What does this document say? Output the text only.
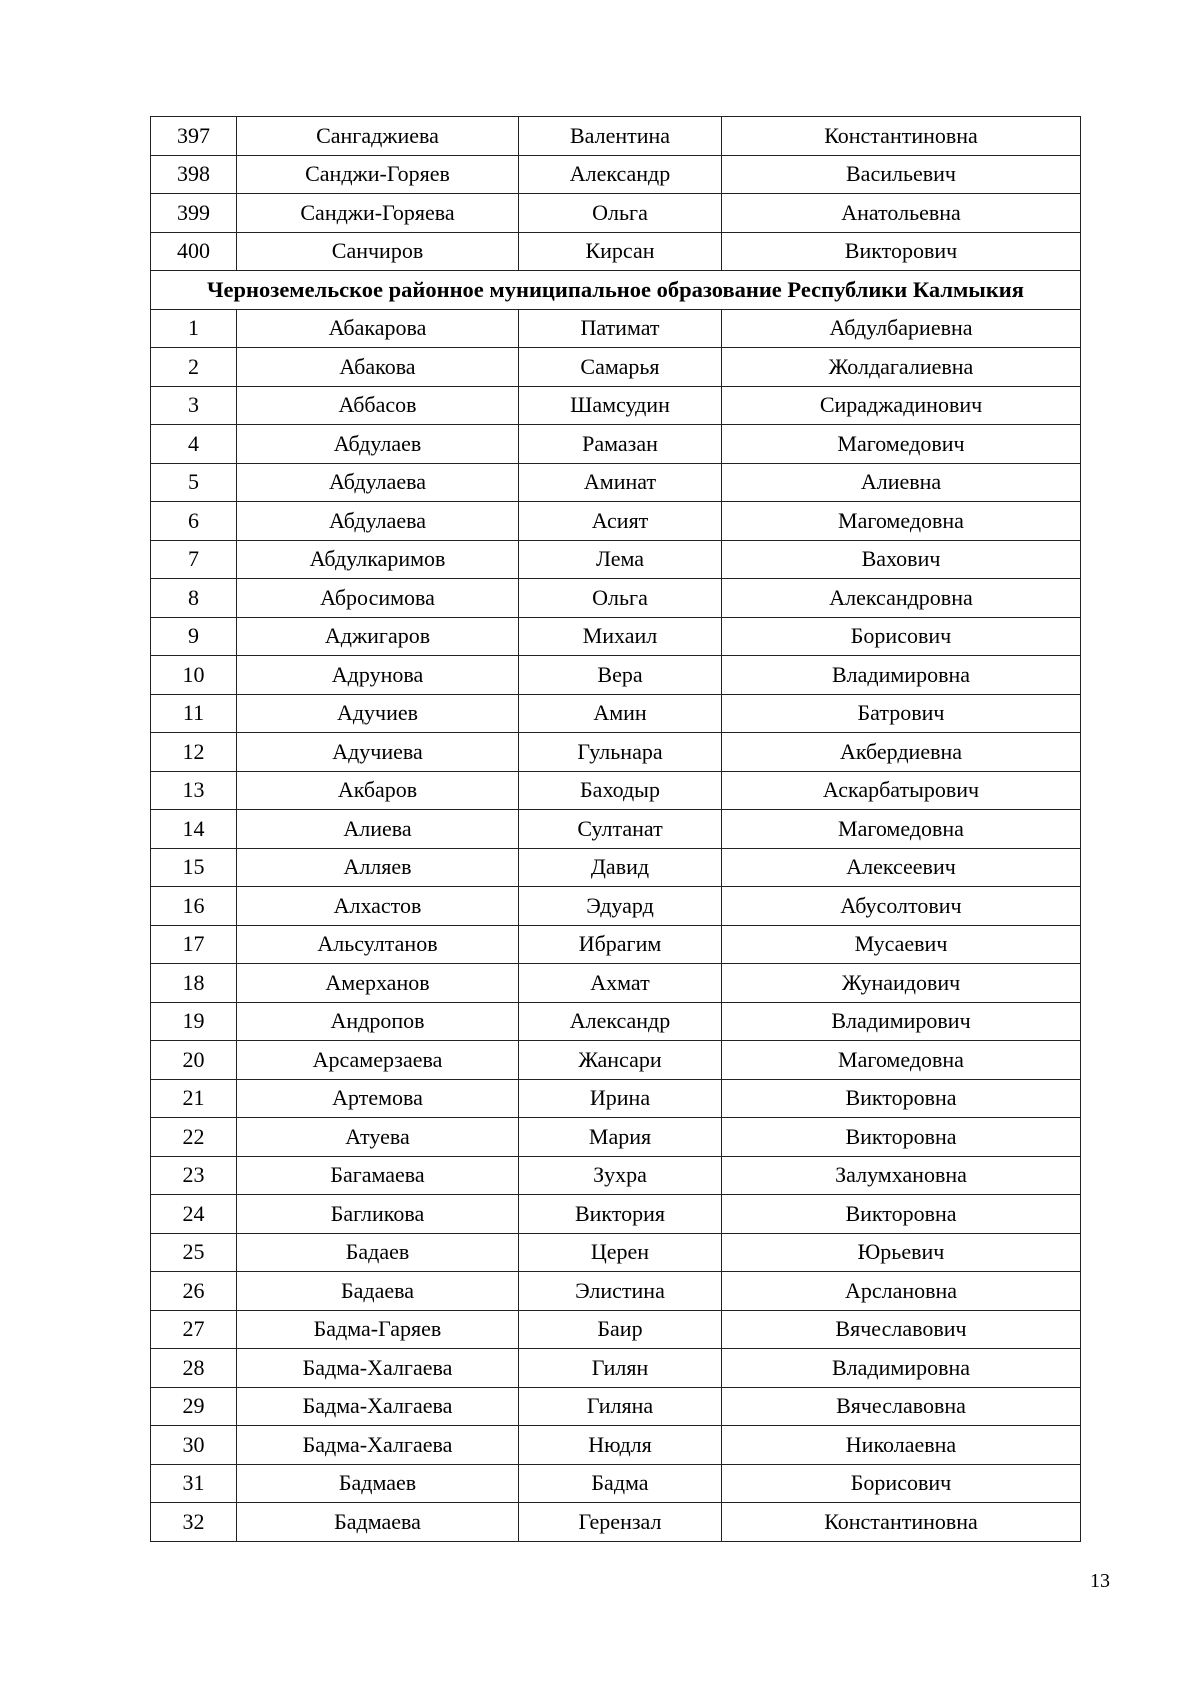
397	Сангаджиева	Валентина	Константиновна
398	Санджи-Горяев	Александр	Васильевич
399	Санджи-Горяева	Ольга	Анатольевна
400	Санчиров	Кирсан	Викторович
Черноземельское районное муниципальное образование Республики Калмыкия			
1	Абакарова	Патимат	Абдулбариевна
2	Абакова	Самарья	Жолдагалиевна
3	Аббасов	Шамсудин	Сираджадинович
4	Абдулаев	Рамазан	Магомедович
5	Абдулаева	Аминат	Алиевна
6	Абдулаева	Асият	Магомедовна
7	Абдулкаримов	Лема	Вахович
8	Абросимова	Ольга	Александровна
9	Аджигаров	Михаил	Борисович
10	Адрунова	Вера	Владимировна
11	Адучиев	Амин	Батрович
12	Адучиева	Гульнара	Акбердиевна
13	Акбаров	Баходыр	Аскарбатырович
14	Алиева	Султанат	Магомедовна
15	Алляев	Давид	Алексеевич
16	Алхастов	Эдуард	Абусолтович
17	Альсултанов	Ибрагим	Мусаевич
18	Амерханов	Ахмат	Жунаидович
19	Андропов	Александр	Владимирович
20	Арсамерзаева	Жансари	Магомедовна
21	Артемова	Ирина	Викторовна
22	Атуева	Мария	Викторовна
23	Багамаева	Зухра	Залумхановна
24	Багликова	Виктория	Викторовна
25	Бадаев	Церен	Юрьевич
26	Бадаева	Элистина	Арслановна
27	Бадма-Гаряев	Баир	Вячеславович
28	Бадма-Халгаева	Гилян	Владимировна
29	Бадма-Халгаева	Гиляна	Вячеславовна
30	Бадма-Халгаева	Нюдля	Николаевна
31	Бадмаев	Бадма	Борисович
32	Бадмаева	Герензал	Константиновна
13
